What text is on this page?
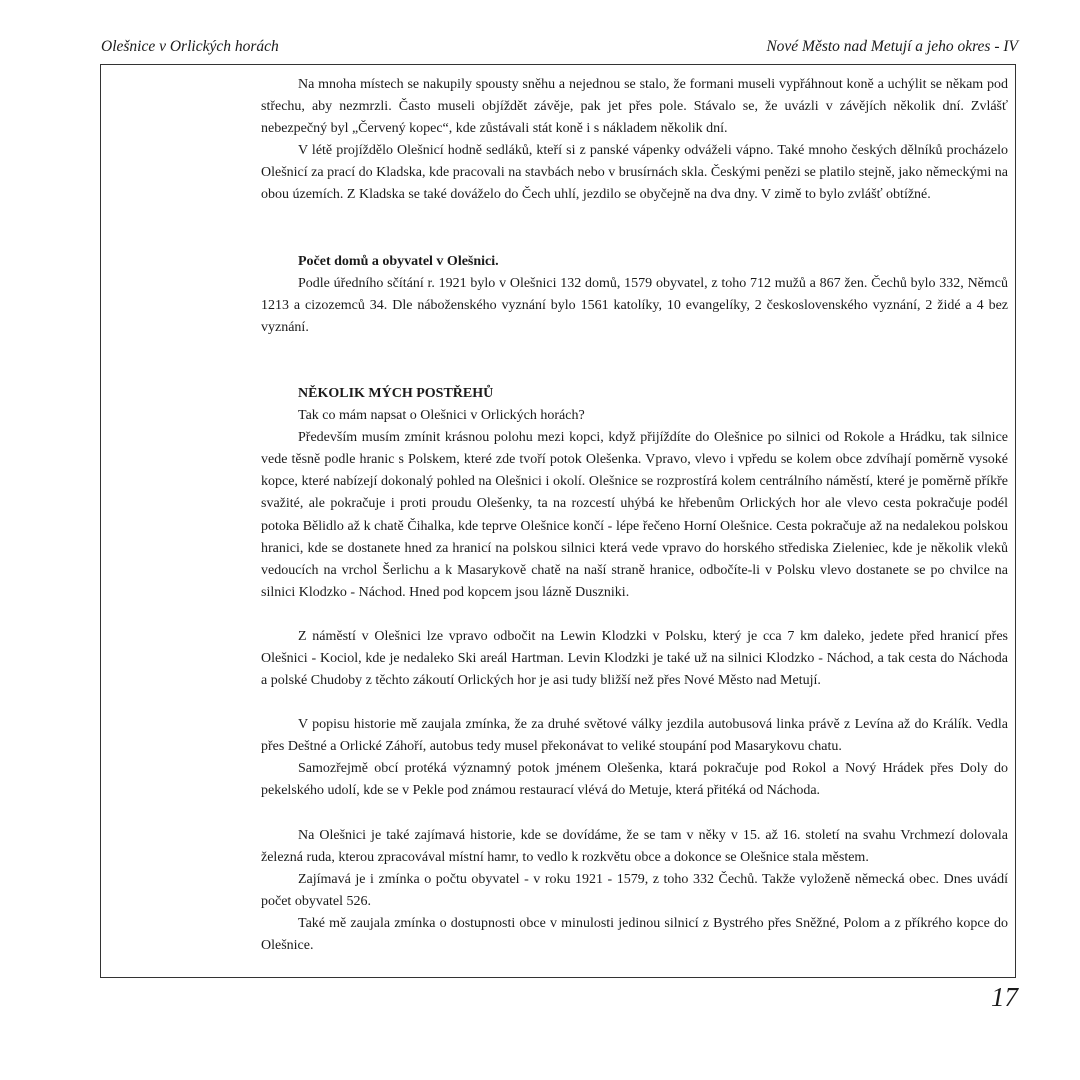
Olešnice v Orlických horách	Nové Město nad Metují a jeho okres - IV

Na mnoha místech se nakupily spousty sněhu a nejednou se stalo, že formani museli vypřáhnout koně a uchýlit se někam pod střechu, aby nezmrzli. Často museli objíždět závěje, pak jet přes pole. Stávalo se, že uvázli v závějích několik dní. Zvlášť nebezpečný byl „Červený kopec“, kde zůstávali stát koně i s nákladem několik dní.

V létě projíždělo Olešnicí hodně sedláků, kteří si z panské vápenky odváželi vápno. Také mnoho českých dělníků procházelo Olešnicí za prací do Kladska, kde pracovali na stavbách nebo v brusírnách skla. Českými penězi se platilo stejně, jako německými na obou územích. Z Kladska se také dováželo do Čech uhlí, jezdilo se obyčejně na dva dny. V zimě to bylo zvlášť obtížné.

Počet domů a obyvatel v Olešnici.

Podle úředního sčítání r. 1921 bylo v Olešnici 132 domů, 1579 obyvatel, z toho 712 mužů a 867 žen. Čechů bylo 332, Němců 1213 a cizozemců 34. Dle náboženského vyznání bylo 1561 katolíky, 10 evangelíky, 2 československého vyznání, 2 židé a 4 bez vyznání.

NĚKOLIK MÝCH POSTŘEHŮ

Tak co mám napsat o Olešnici v Orlických horách?

Především musím zmínit krásnou polohu mezi kopci, když přijíždíte do Olešnice po silnici od Rokole a Hrádku, tak silnice vede těsně podle hranic s Polskem, které zde tvoří potok Olešenka. Vpravo, vlevo i vpředu se kolem obce zdvíhají poměrně vysoké kopce, které nabízejí dokonalý pohled na Olešnici i okolí. Olešnice se rozprostírá kolem centrálního náměstí, které je poměrně příkře svažité, ale pokračuje i proti proudu Olešenky, ta na rozcestí uhýbá ke hřebenům Orlických hor ale vlevo cesta pokračuje podél potoka Bělidlo až k chatě Čihalka, kde teprve Olešnice končí - lépe řečeno Horní Olešnice. Cesta pokračuje až na nedalekou polskou hranici, kde se dostanete hned za hranicí na polskou silnici která vede vpravo do horského střediska Zieleniec, kde je několik vleků vedoucích na vrchol Šerlichu a k Masarykově chatě na naší straně hranice, odbočíte-li v Polsku vlevo dostanete se po chvilce na silnici Klodzko - Náchod. Hned pod kopcem jsou lázně Duszniki.

Z náměstí v Olešnici lze vpravo odbočit na Lewin Klodzki v Polsku, který je cca 7 km daleko, jedete před hranicí přes Olešnici - Kociol, kde je nedaleko Ski areál Hartman. Levin Klodzki je také už na silnici Klodzko - Náchod, a tak cesta do Náchoda a polské Chudoby z těchto zákoutí Orlických hor je asi tudy bližší než přes Nové Město nad Metují.

V popisu historie mě zaujala zmínka, že za druhé světové války jezdila autobusová linka právě z Levína až do Králík. Vedla přes Deštné a Orlické Záhoří, autobus tedy musel překonávat to veliké stoupání pod Masarykovu chatu.

Samozřejmě obcí protéká významný potok jménem Olešenka, ktará pokračuje pod Rokol a Nový Hrádek přes Doly do pekelského udolí, kde se v Pekle pod známou restaurací vlévá do Metuje, která přitéká od Náchoda.

Na Olešnici je také zajímavá historie, kde se dovídáme, že se tam v něky v 15. až 16. století na svahu Vrchmezí dolovala železná ruda, kterou zpracovával místní hamr, to vedlo k rozkvětu obce a dokonce se Olešnice stala městem.

Zajímavá je i zmínka o počtu obyvatel - v roku 1921 - 1579, z toho 332 Čechů. Takže vyloženě německá obec. Dnes uvádí počet obyvatel 526.

Také mě zaujala zmínka o dostupnosti obce v minulosti jedinou silnicí z Bystrého přes Sněžné, Polom a z příkrého kopce do Olešnice.

17
